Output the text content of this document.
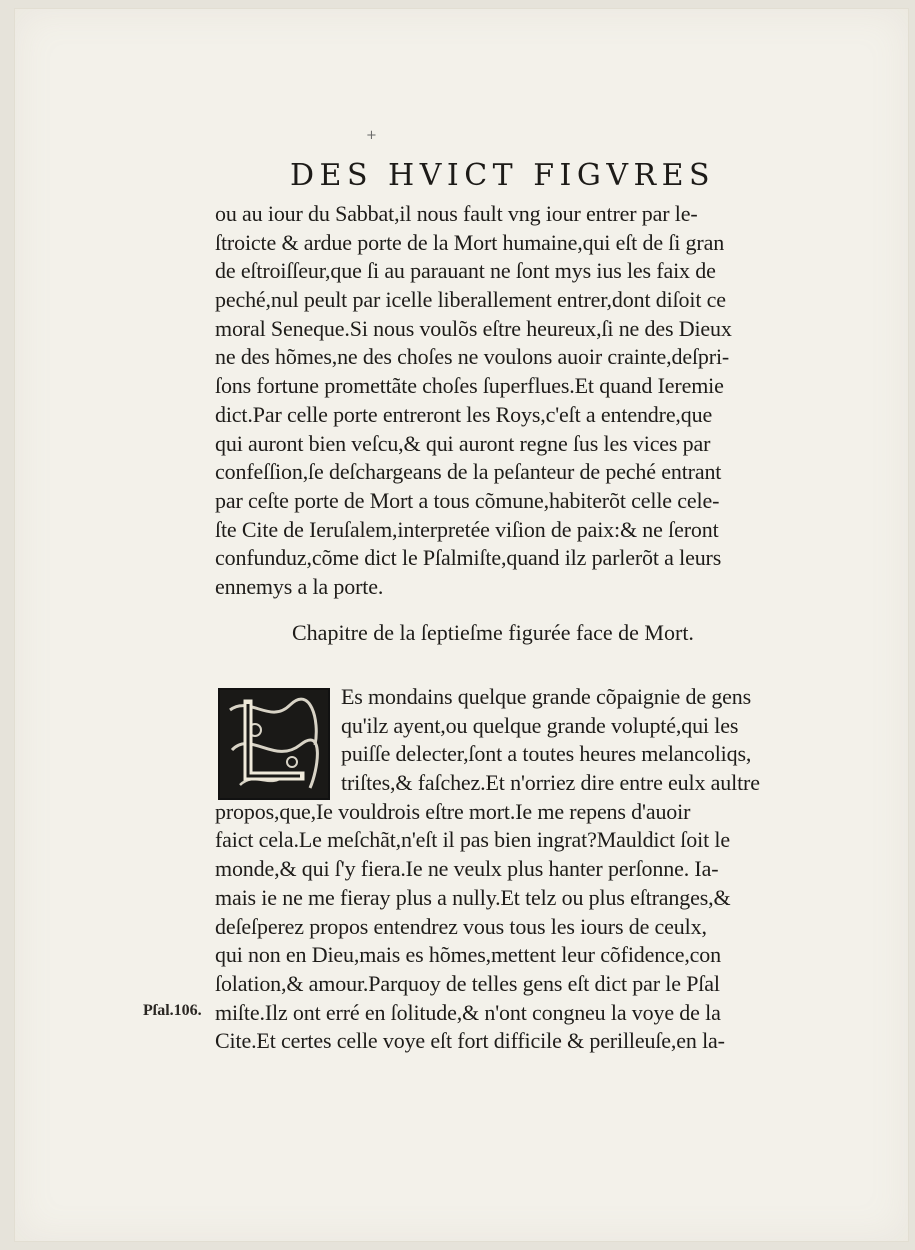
+
DES HVICT FIGVRES
ou au iour du Sabbat,il nous fault vng iour entrer par le-
ſtroicte & ardue porte de la Mort humaine,qui eſt de ſi gran
de eſtroiſſeur,que ſi au parauant ne ſont mys ius les faix de
peché,nul peult par icelle liberallement entrer,dont diſoit ce
moral Seneque.Si nous voulõs eſtre heureux,ſi ne des Dieux
ne des hõmes,ne des choſes ne voulons auoir crainte,deſpri-
ſons fortune promettãte choſes ſuperflues.Et quand Ieremie
dict.Par celle porte entreront les Roys,c'eſt a entendre,que
qui auront bien veſcu,& qui auront regne ſus les vices par
confeſſion,ſe deſchargeans de la peſanteur de peché entrant
par ceſte porte de Mort a tous cõmune,habiterõt celle cele-
ſte Cite de Ieruſalem,interpretée viſion de paix:& ne ſeront
confunduz,cõme dict le Pſalmiſte,quand ilz parlerõt a leurs
ennemys a la porte.
Chapitre de la ſeptieſme figurée face de Mort.
Es mondains quelque grande cõpaignie de gens
qu'ilz ayent,ou quelque grande volupté,qui les
puiſſe delecter,ſont a toutes heures melancoliqs,
triſtes,& faſchez.Et n'orriez dire entre eulx aultre
propos,que,Ie vouldrois eſtre mort.Ie me repens d'auoir
faict cela.Le meſchãt,n'eſt il pas bien ingrat?Mauldict ſoit le
monde,& qui ſ'y fiera.Ie ne veulx plus hanter perſonne. Ia-
mais ie ne me fieray plus a nully.Et telz ou plus eſtranges,&
deſeſperez propos entendrez vous tous les iours de ceulx,
qui non en Dieu,mais es hõmes,mettent leur cõfidence,con
ſolation,& amour.Parquoy de telles gens eſt dict par le Pſal
miſte.Ilz ont erré en ſolitude,& n'ont congneu la voye de la
Cite.Et certes celle voye eſt fort difficile & perilleuſe,en la-
Pſal.106.
